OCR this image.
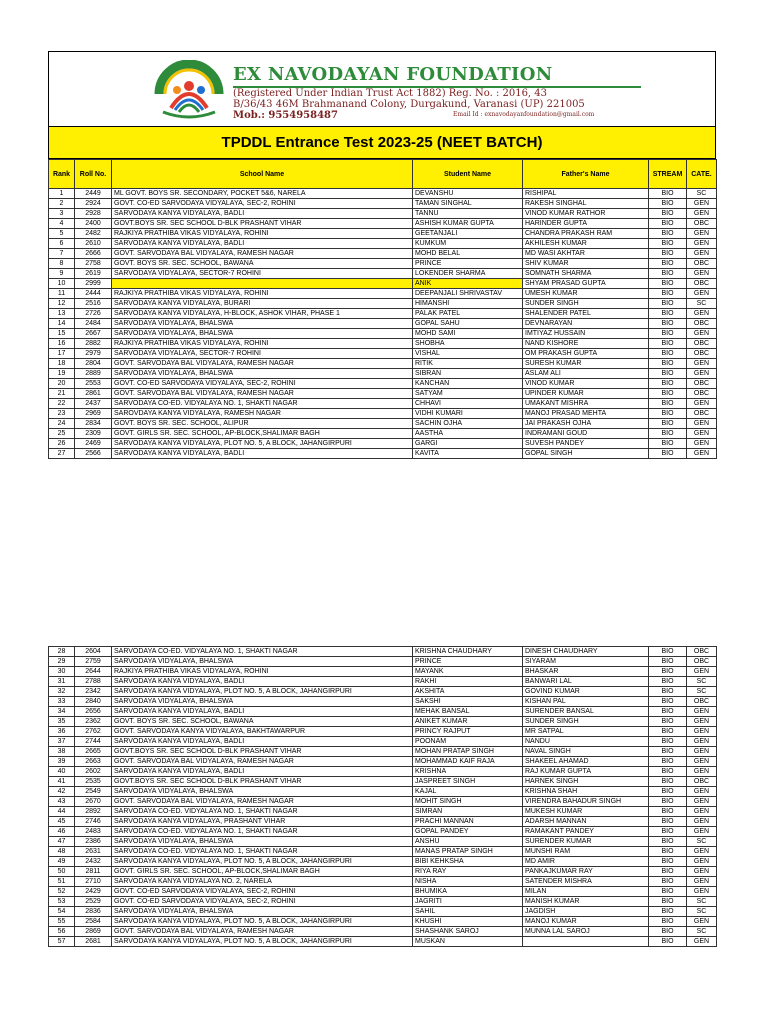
EX NAVODAYAN FOUNDATION
(Registered Under Indian Trust Act 1882) Reg. No. : 2016, 43
B/36/43 46M Brahmanand Colony, Durgakund, Varanasi (UP) 221005
Mob.: 9554958487	Email Id : exnavodayanfoundation@gmail.com
TPDDL Entrance Test 2023-25 (NEET BATCH)
Rank	Roll No.	School Name	Student Name	Father's Name	STREAM	CATE.
1	2449	ML GOVT. BOYS SR. SECONDARY, POCKET 5&6, NARELA	DEVANSHU	RISHIPAL	BIO	SC
2	2924	GOVT. CO-ED SARVODAYA VIDYALAYA, SEC-2, ROHINI	TAMAN SINGHAL	RAKESH SINGHAL	BIO	GEN
3	2928	SARVODAYA KANYA VIDYALAYA, BADLI	TANNU	VINOD KUMAR RATHOR	BIO	GEN
4	2400	GOVT.BOYS SR. SEC SCHOOL D-BLK PRASHANT VIHAR	ASHISH KUMAR GUPTA	HARINDER GUPTA	BIO	OBC
5	2482	RAJKIYA PRATHIBA VIKAS VIDYALAYA, ROHINI	GEETANJALI	CHANDRA PRAKASH RAM	BIO	GEN
6	2610	SARVODAYA KANYA VIDYALAYA, BADLI	KUMKUM	AKHILESH KUMAR	BIO	GEN
7	2666	GOVT. SARVODAYA BAL VIDYALAYA, RAMESH NAGAR	MOHD BELAL	MD WASI AKHTAR	BIO	GEN
8	2758	GOVT. BOYS SR. SEC. SCHOOL, BAWANA	PRINCE	SHIV KUMAR	BIO	OBC
9	2619	SARVODAYA VIDYALAYA, SECTOR-7 ROHINI	LOKENDER SHARMA	SOMNATH SHARMA	BIO	GEN
10	2999		ANIK	SHYAM PRASAD GUPTA	BIO	OBC
11	2444	RAJKIYA PRATHIBA VIKAS VIDYALAYA, ROHINI	DEEPANJALI SHRIVASTAV	UMESH KUMAR	BIO	GEN
12	2516	SARVODAYA KANYA VIDYALAYA, BURARI	HIMANSHI	SUNDER SINGH	BIO	SC
13	2726	SARVODAYA KANYA VIDYALAYA, H-BLOCK, ASHOK VIHAR, PHASE 1	PALAK PATEL	SHALENDER PATEL	BIO	GEN
14	2484	SARVODAYA VIDYALAYA, BHALSWA	GOPAL SAHU	DEVNARAYAN	BIO	OBC
15	2667	SARVODAYA VIDYALAYA, BHALSWA	MOHD SAMI	IMTIYAZ HUSSAIN	BIO	GEN
16	2882	RAJKIYA PRATHIBA VIKAS VIDYALAYA, ROHINI	SHOBHA	NAND KISHORE	BIO	OBC
17	2979	SARVODAYA VIDYALAYA, SECTOR-7 ROHINI	VISHAL	OM PRAKASH GUPTA	BIO	OBC
18	2804	GOVT. SARVODAYA BAL VIDYALAYA, RAMESH NAGAR	RITIK	SURESH KUMAR	BIO	GEN
19	2889	SARVODAYA VIDYALAYA, BHALSWA	SIBRAN	ASLAM ALI	BIO	GEN
20	2553	GOVT. CO-ED SARVODAYA VIDYALAYA, SEC-2, ROHINI	KANCHAN	VINOD KUMAR	BIO	OBC
21	2861	GOVT. SARVODAYA BAL VIDYALAYA, RAMESH NAGAR	SATYAM	UPINDER KUMAR	BIO	OBC
22	2437	SARVODAYA CO-ED. VIDYALAYA NO. 1, SHAKTI NAGAR	CHHAVI	UMAKANT MISHRA	BIO	GEN
23	2969	SAROVDAYA KANYA VIDYALAYA, RAMESH NAGAR	VIDHI KUMARI	MANOJ PRASAD MEHTA	BIO	OBC
24	2834	GOVT. BOYS SR. SEC. SCHOOL, ALIPUR	SACHIN OJHA	JAI PRAKASH OJHA	BIO	GEN
25	2309	GOVT. GIRLS SR. SEC. SCHOOL, AP-BLOCK,SHALIMAR BAGH	AASTHA	INDRAMANI GOUD	BIO	GEN
26	2469	SARVODAYA KANYA VIDYALAYA, PLOT NO. 5, A BLOCK, JAHANGIRPURI	GARGI	SUVESH PANDEY	BIO	GEN
27	2566	SARVODAYA KANYA VIDYALAYA, BADLI	KAVITA	GOPAL SINGH	BIO	GEN
28	2604	SARVODAYA CO-ED. VIDYALAYA NO. 1, SHAKTI NAGAR	KRISHNA CHAUDHARY	DINESH CHAUDHARY	BIO	OBC
29	2759	SARVODAYA VIDYALAYA, BHALSWA	PRINCE	SIYARAM	BIO	OBC
30	2644	RAJKIYA PRATHIBA VIKAS VIDYALAYA, ROHINI	MAYANK	BHASKAR	BIO	GEN
31	2788	SARVODAYA KANYA VIDYALAYA, BADLI	RAKHI	BANWARI LAL	BIO	SC
32	2342	SARVODAYA KANYA VIDYALAYA, PLOT NO. 5, A BLOCK, JAHANGIRPURI	AKSHITA	GOVIND KUMAR	BIO	SC
33	2840	SARVODAYA VIDYALAYA, BHALSWA	SAKSHI	KISHAN PAL	BIO	OBC
34	2656	SARVODAYA KANYA VIDYALAYA, BADLI	MEHAK BANSAL	SURENDER BANSAL	BIO	GEN
35	2362	GOVT. BOYS SR. SEC. SCHOOL, BAWANA	ANIKET KUMAR	SUNDER SINGH	BIO	GEN
36	2762	GOVT. SARVODAYA KANYA VIDYALAYA, BAKHTAWARPUR	PRINCY RAJPUT	MR SATPAL	BIO	GEN
37	2744	SARVODAYA KANYA VIDYALAYA, BADLI	POONAM	NANDU	BIO	GEN
38	2665	GOVT.BOYS SR. SEC SCHOOL D-BLK PRASHANT VIHAR	MOHAN PRATAP SINGH	NAVAL SINGH	BIO	GEN
39	2663	GOVT. SARVODAYA BAL VIDYALAYA, RAMESH NAGAR	MOHAMMAD KAIF RAJA	SHAKEEL AHAMAD	BIO	GEN
40	2602	SARVODAYA KANYA VIDYALAYA, BADLI	KRISHNA	RAJ KUMAR GUPTA	BIO	GEN
41	2535	GOVT.BOYS SR. SEC SCHOOL D-BLK PRASHANT VIHAR	JASPREET SINGH	HARNEK SINGH	BIO	OBC
42	2549	SARVODAYA VIDYALAYA, BHALSWA	KAJAL	KRISHNA SHAH	BIO	GEN
43	2670	GOVT. SARVODAYA BAL VIDYALAYA, RAMESH NAGAR	MOHIT SINGH	VIRENDRA BAHADUR SINGH	BIO	GEN
44	2892	SARVODAYA CO-ED. VIDYALAYA NO. 1, SHAKTI NAGAR	SIMRAN	MUKESH KUMAR	BIO	GEN
45	2746	SARVODAYA KANYA VIDYALAYA, PRASHANT VIHAR	PRACHI MANNAN	ADARSH MANNAN	BIO	GEN
46	2483	SARVODAYA CO-ED. VIDYALAYA NO. 1, SHAKTI NAGAR	GOPAL PANDEY	RAMAKANT PANDEY	BIO	GEN
47	2386	SARVODAYA VIDYALAYA, BHALSWA	ANSHU	SURENDER KUMAR	BIO	SC
48	2631	SARVODAYA CO-ED. VIDYALAYA NO. 1, SHAKTI NAGAR	MANAS PRATAP SINGH	MUNSHI RAM	BIO	GEN
49	2432	SARVODAYA KANYA VIDYALAYA, PLOT NO. 5, A BLOCK, JAHANGIRPURI	BIBI KEHKSHA	MD AMIR	BIO	GEN
50	2811	GOVT. GIRLS SR. SEC. SCHOOL, AP-BLOCK,SHALIMAR BAGH	RIYA RAY	PANKAJKUMAR RAY	BIO	GEN
51	2710	SARVODAYA KANYA VIDYALAYA NO. 2, NARELA	NISHA	SATENDER MISHRA	BIO	GEN
52	2429	GOVT. CO-ED SARVODAYA VIDYALAYA, SEC-2, ROHINI	BHUMIKA	MILAN	BIO	GEN
53	2529	GOVT. CO-ED SARVODAYA VIDYALAYA, SEC-2, ROHINI	JAGRITI	MANISH KUMAR	BIO	SC
54	2836	SARVODAYA VIDYALAYA, BHALSWA	SAHIL	JAGDISH	BIO	SC
55	2584	SARVODAYA KANYA VIDYALAYA, PLOT NO. 5, A BLOCK, JAHANGIRPURI	KHUSHI	MANOJ KUMAR	BIO	GEN
56	2869	GOVT. SARVODAYA BAL VIDYALAYA, RAMESH NAGAR	SHASHANK SAROJ	MUNNA LAL SAROJ	BIO	SC
57	2681	SARVODAYA KANYA VIDYALAYA, PLOT NO. 5, A BLOCK, JAHANGIRPURI	MUSKAN		BIO	GEN
